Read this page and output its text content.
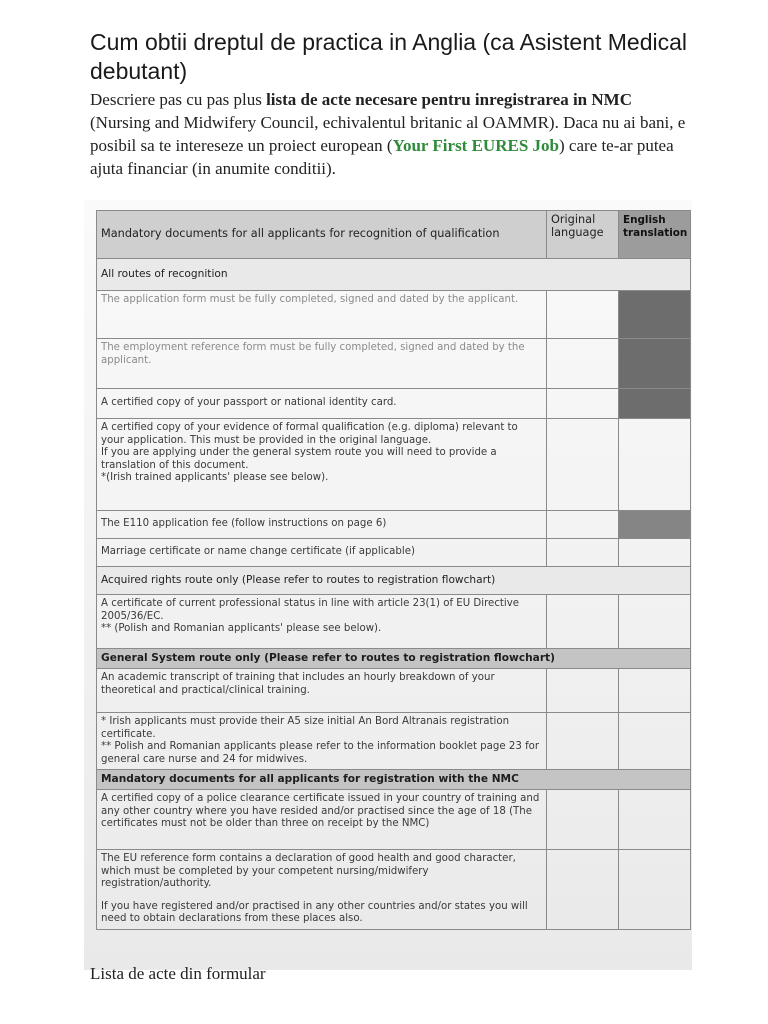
Cum obtii dreptul de practica in Anglia (ca Asistent Medical debutant)
Descriere pas cu pas plus lista de acte necesare pentru inregistrarea in NMC (Nursing and Midwifery Council, echivalentul britanic al OAMMR). Daca nu ai bani, e posibil sa te intereseze un proiect european (Your First EURES Job) care te-ar putea ajuta financiar (in anumite conditii).
Mandatory documents for all applicants for recognition of qualification	Original language	English translation
All routes of recognition		
The application form must be fully completed, signed and dated by the applicant.		
The employment reference form must be fully completed, signed and dated by the applicant.		
A certified copy of your passport or national identity card.		

A certified copy of your evidence of formal qualification (e.g. diploma) relevant to your application. This must be provided in the original language.
If you are applying under the general system route you will need to provide a translation of this document.
*(Irish trained applicants' please see below).		

The E110 application fee (follow instructions on page 6)		
Marriage certificate or name change certificate (if applicable)		
Acquired rights route only (Please refer to routes to registration flowchart)		

A certificate of current professional status in line with article 23(1) of EU Directive 2005/36/EC.
** (Polish and Romanian applicants' please see below).		

General System route only (Please refer to routes to registration flowchart)		
An academic transcript of training that includes an hourly breakdown of your theoretical and practical/clinical training.		

* Irish applicants must provide their A5 size initial An Bord Altranais registration certificate.
** Polish and Romanian applicants please refer to the information booklet page 23 for general care nurse and 24 for midwives.		

Mandatory documents for all applicants for registration with the NMC		
A certified copy of a police clearance certificate issued in your country of training and any other country where you have resided and/or practised since the age of 18 (The certificates must not be older than three on receipt by the NMC)		

The EU reference form contains a declaration of good health and good character, which must be completed by your competent nursing/midwifery registration/authority.
If you have registered and/or practised in any other countries and/or states you will need to obtain declarations from these places also.		

Lista de acte din formular
